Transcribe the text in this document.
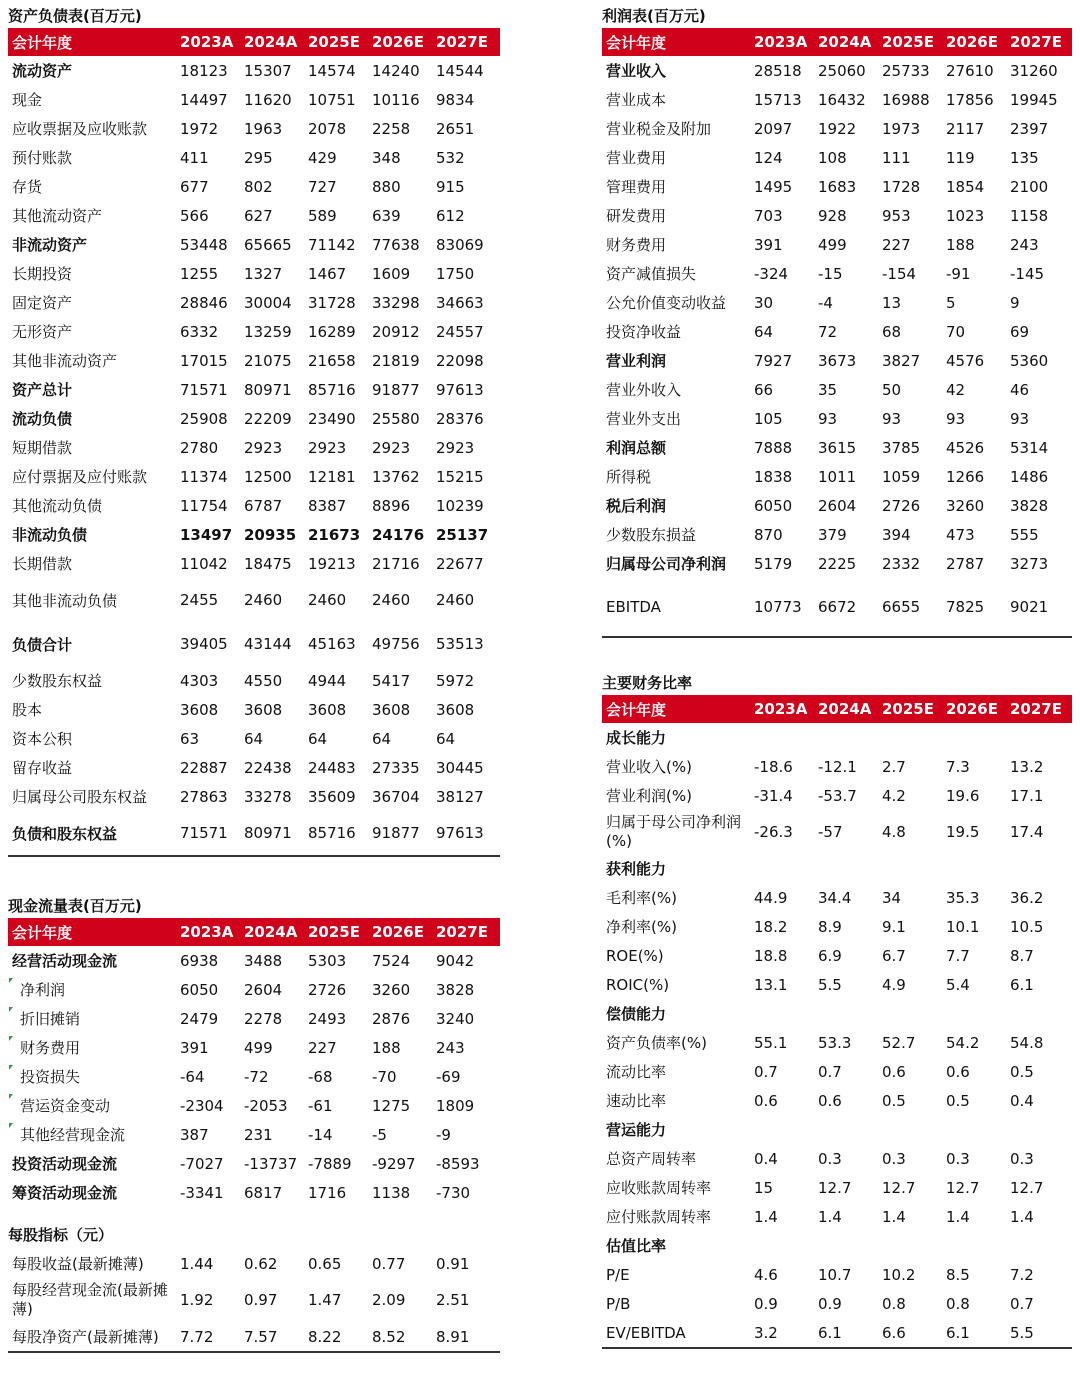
资产负债表(百万元)
会计年度	2023A	2024A	2025E	2026E	2027E
流动资产	18123	15307	14574	14240	14544
现金	14497	11620	10751	10116	9834
应收票据及应收账款	1972	1963	2078	2258	2651
预付账款	411	295	429	348	532
存货	677	802	727	880	915
其他流动资产	566	627	589	639	612
非流动资产	53448	65665	71142	77638	83069
长期投资	1255	1327	1467	1609	1750
固定资产	28846	30004	31728	33298	34663
无形资产	6332	13259	16289	20912	24557
其他非流动资产	17015	21075	21658	21819	22098
资产总计	71571	80971	85716	91877	97613
流动负债	25908	22209	23490	25580	28376
短期借款	2780	2923	2923	2923	2923
应付票据及应付账款	11374	12500	12181	13762	15215
其他流动负债	11754	6787	8387	8896	10239
非流动负债	13497	20935	21673	24176	25137
长期借款	11042	18475	19213	21716	22677
其他非流动负债	2455	2460	2460	2460	2460
负债合计	39405	43144	45163	49756	53513
少数股东权益	4303	4550	4944	5417	5972
股本	3608	3608	3608	3608	3608
资本公积	63	64	64	64	64
留存收益	22887	22438	24483	27335	30445
归属母公司股东权益	27863	33278	35609	36704	38127
负债和股东权益	71571	80971	85716	91877	97613
现金流量表(百万元)
会计年度	2023A	2024A	2025E	2026E	2027E
经营活动现金流	6938	3488	5303	7524	9042
净利润	6050	2604	2726	3260	3828
折旧摊销	2479	2278	2493	2876	3240
财务费用	391	499	227	188	243
投资损失	-64	-72	-68	-70	-69
营运资金变动	-2304	-2053	-61	1275	1809
其他经营现金流	387	231	-14	-5	-9
投资活动现金流	-7027	-13737	-7889	-9297	-8593
筹资活动现金流	-3341	6817	1716	1138	-730
每股指标（元）
每股收益(最新摊薄)	1.44	0.62	0.65	0.77	0.91
每股经营现金流(最新摊薄)	1.92	0.97	1.47	2.09	2.51
每股净资产(最新摊薄)	7.72	7.57	8.22	8.52	8.91
利润表(百万元)
会计年度	2023A	2024A	2025E	2026E	2027E
营业收入	28518	25060	25733	27610	31260
营业成本	15713	16432	16988	17856	19945
营业税金及附加	2097	1922	1973	2117	2397
营业费用	124	108	111	119	135
管理费用	1495	1683	1728	1854	2100
研发费用	703	928	953	1023	1158
财务费用	391	499	227	188	243
资产减值损失	-324	-15	-154	-91	-145
公允价值变动收益	30	-4	13	5	9
投资净收益	64	72	68	70	69
营业利润	7927	3673	3827	4576	5360
营业外收入	66	35	50	42	46
营业外支出	105	93	93	93	93
利润总额	7888	3615	3785	4526	5314
所得税	1838	1011	1059	1266	1486
税后利润	6050	2604	2726	3260	3828
少数股东损益	870	379	394	473	555
归属母公司净利润	5179	2225	2332	2787	3273
EBITDA	10773	6672	6655	7825	9021
主要财务比率
会计年度	2023A	2024A	2025E	2026E	2027E
成长能力					
营业收入(%)	-18.6	-12.1	2.7	7.3	13.2
营业利润(%)	-31.4	-53.7	4.2	19.6	17.1
归属于母公司净利润(%)	-26.3	-57	4.8	19.5	17.4
获利能力					
毛利率(%)	44.9	34.4	34	35.3	36.2
净利率(%)	18.2	8.9	9.1	10.1	10.5
ROE(%)	18.8	6.9	6.7	7.7	8.7
ROIC(%)	13.1	5.5	4.9	5.4	6.1
偿债能力					
资产负债率(%)	55.1	53.3	52.7	54.2	54.8
流动比率	0.7	0.7	0.6	0.6	0.5
速动比率	0.6	0.6	0.5	0.5	0.4
营运能力					
总资产周转率	0.4	0.3	0.3	0.3	0.3
应收账款周转率	15	12.7	12.7	12.7	12.7
应付账款周转率	1.4	1.4	1.4	1.4	1.4
估值比率					
P/E	4.6	10.7	10.2	8.5	7.2
P/B	0.9	0.9	0.8	0.8	0.7
EV/EBITDA	3.2	6.1	6.6	6.1	5.5
